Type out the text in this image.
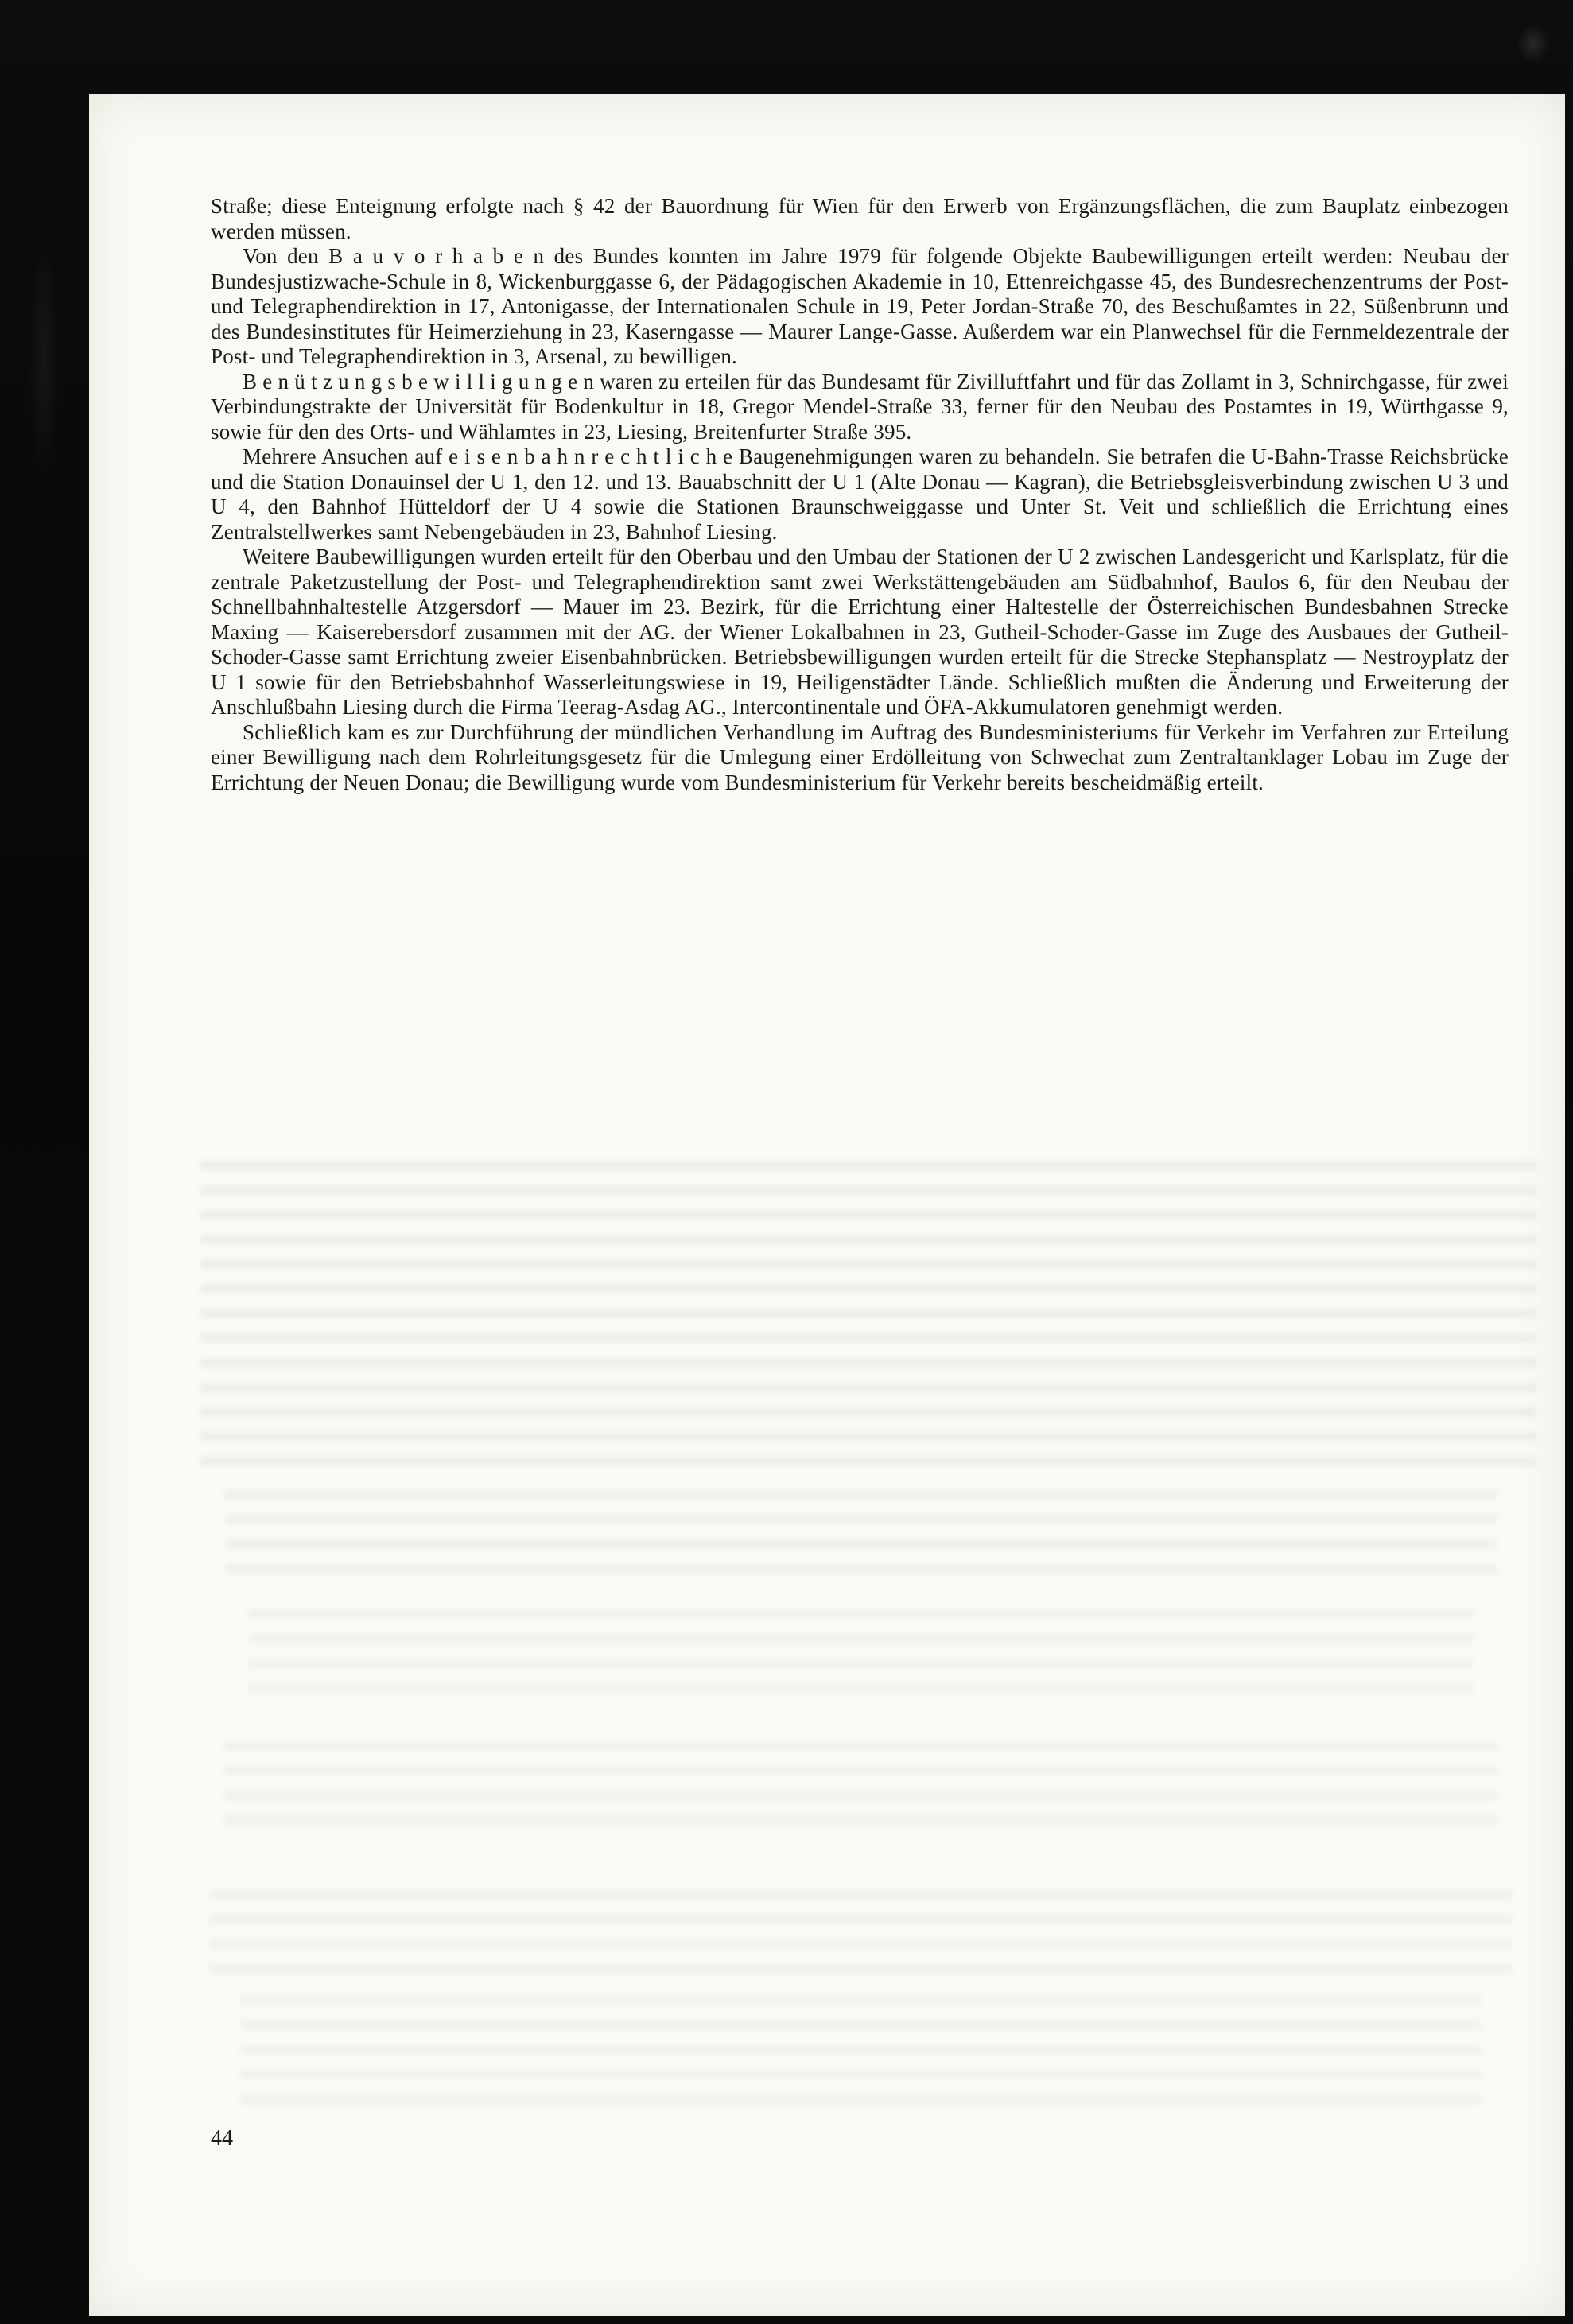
Straße; diese Enteignung erfolgte nach § 42 der Bauordnung für Wien für den Erwerb von Ergänzungsflächen, die zum Bauplatz einbezogen werden müssen.

Von den B a u v o r h a b e n des Bundes konnten im Jahre 1979 für folgende Objekte Baubewilligungen erteilt werden: Neubau der Bundesjustizwache-Schule in 8, Wickenburggasse 6, der Pädagogischen Akademie in 10, Ettenreichgasse 45, des Bundesrechenzentrums der Post- und Telegraphendirektion in 17, Antonigasse, der Internationalen Schule in 19, Peter Jordan-Straße 70, des Beschußamtes in 22, Süßenbrunn und des Bundesinstitutes für Heimerziehung in 23, Kaserngasse — Maurer Lange-Gasse. Außerdem war ein Planwechsel für die Fernmeldezentrale der Post- und Telegraphendirektion in 3, Arsenal, zu bewilligen.

B e n ü t z u n g s b e w i l l i g u n g e n waren zu erteilen für das Bundesamt für Zivilluftfahrt und für das Zollamt in 3, Schnirchgasse, für zwei Verbindungstrakte der Universität für Bodenkultur in 18, Gregor Mendel-Straße 33, ferner für den Neubau des Postamtes in 19, Würthgasse 9, sowie für den des Orts- und Wählamtes in 23, Liesing, Breitenfurter Straße 395.

Mehrere Ansuchen auf e i s e n b a h n r e c h t l i c h e Baugenehmigungen waren zu behandeln. Sie betrafen die U-Bahn-Trasse Reichsbrücke und die Station Donauinsel der U 1, den 12. und 13. Bauabschnitt der U 1 (Alte Donau — Kagran), die Betriebsgleisverbindung zwischen U 3 und U 4, den Bahnhof Hütteldorf der U 4 sowie die Stationen Braunschweiggasse und Unter St. Veit und schließlich die Errichtung eines Zentralstellwerkes samt Nebengebäuden in 23, Bahnhof Liesing.

Weitere Baubewilligungen wurden erteilt für den Oberbau und den Umbau der Stationen der U 2 zwischen Landesgericht und Karlsplatz, für die zentrale Paketzustellung der Post- und Telegraphendirektion samt zwei Werkstättengebäuden am Südbahnhof, Baulos 6, für den Neubau der Schnellbahnhaltestelle Atzgersdorf — Mauer im 23. Bezirk, für die Errichtung einer Haltestelle der Österreichischen Bundesbahnen Strecke Maxing — Kaiserebersdorf zusammen mit der AG. der Wiener Lokalbahnen in 23, Gutheil-Schoder-Gasse im Zuge des Ausbaues der Gutheil-Schoder-Gasse samt Errichtung zweier Eisenbahnbrücken. Betriebsbewilligungen wurden erteilt für die Strecke Stephansplatz — Nestroyplatz der U 1 sowie für den Betriebsbahnhof Wasserleitungswiese in 19, Heiligenstädter Lände. Schließlich mußten die Änderung und Erweiterung der Anschlußbahn Liesing durch die Firma Teerag-Asdag AG., Intercontinentale und ÖFA-Akkumulatoren genehmigt werden.

Schließlich kam es zur Durchführung der mündlichen Verhandlung im Auftrag des Bundesministeriums für Verkehr im Verfahren zur Erteilung einer Bewilligung nach dem Rohrleitungsgesetz für die Umlegung einer Erdölleitung von Schwechat zum Zentraltanklager Lobau im Zuge der Errichtung der Neuen Donau; die Bewilligung wurde vom Bundesministerium für Verkehr bereits bescheidmäßig erteilt.

44
